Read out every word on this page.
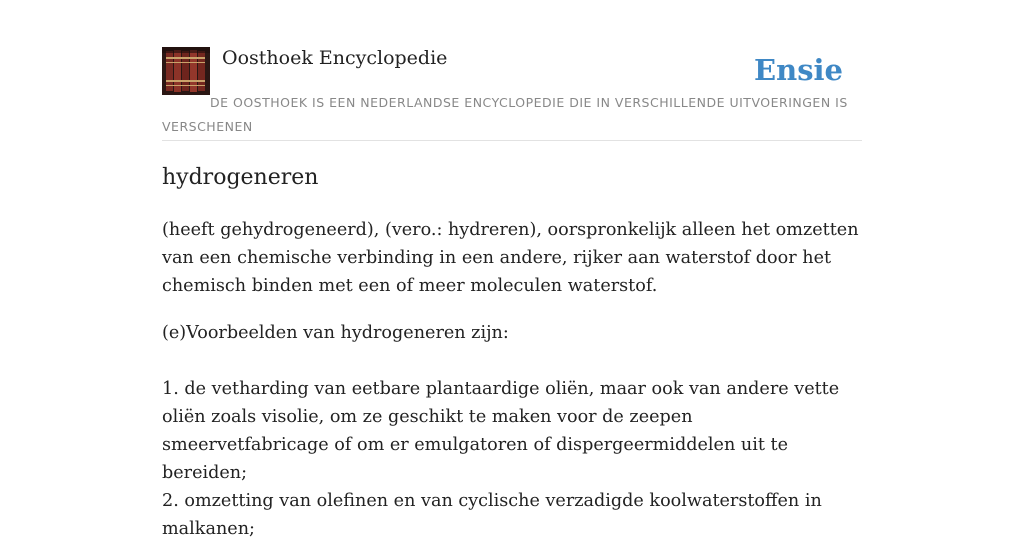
Oosthoek Encyclopedie	Ensie
DE OOSTHOEK IS EEN NEDERLANDSE ENCYCLOPEDIE DIE IN VERSCHILLENDE UITVOERINGEN IS VERSCHENEN
hydrogeneren

(heeft gehydrogeneerd), (vero.: hydreren), oorspronkelijk alleen het omzetten van een chemische verbinding in een andere, rijker aan waterstof door het chemisch binden met een of meer moleculen waterstof.

(e)Voorbeelden van hydrogeneren zijn:

1. de vetharding van eetbare plantaardige oliën, maar ook van andere vette oliën zoals visolie, om ze geschikt te maken voor de zeepen smeervetfabricage of om er emulgatoren of dispergeermiddelen uit te bereiden;

2. omzetting van olefinen en van cyclische verzadigde koolwaterstoffen in malkanen;
